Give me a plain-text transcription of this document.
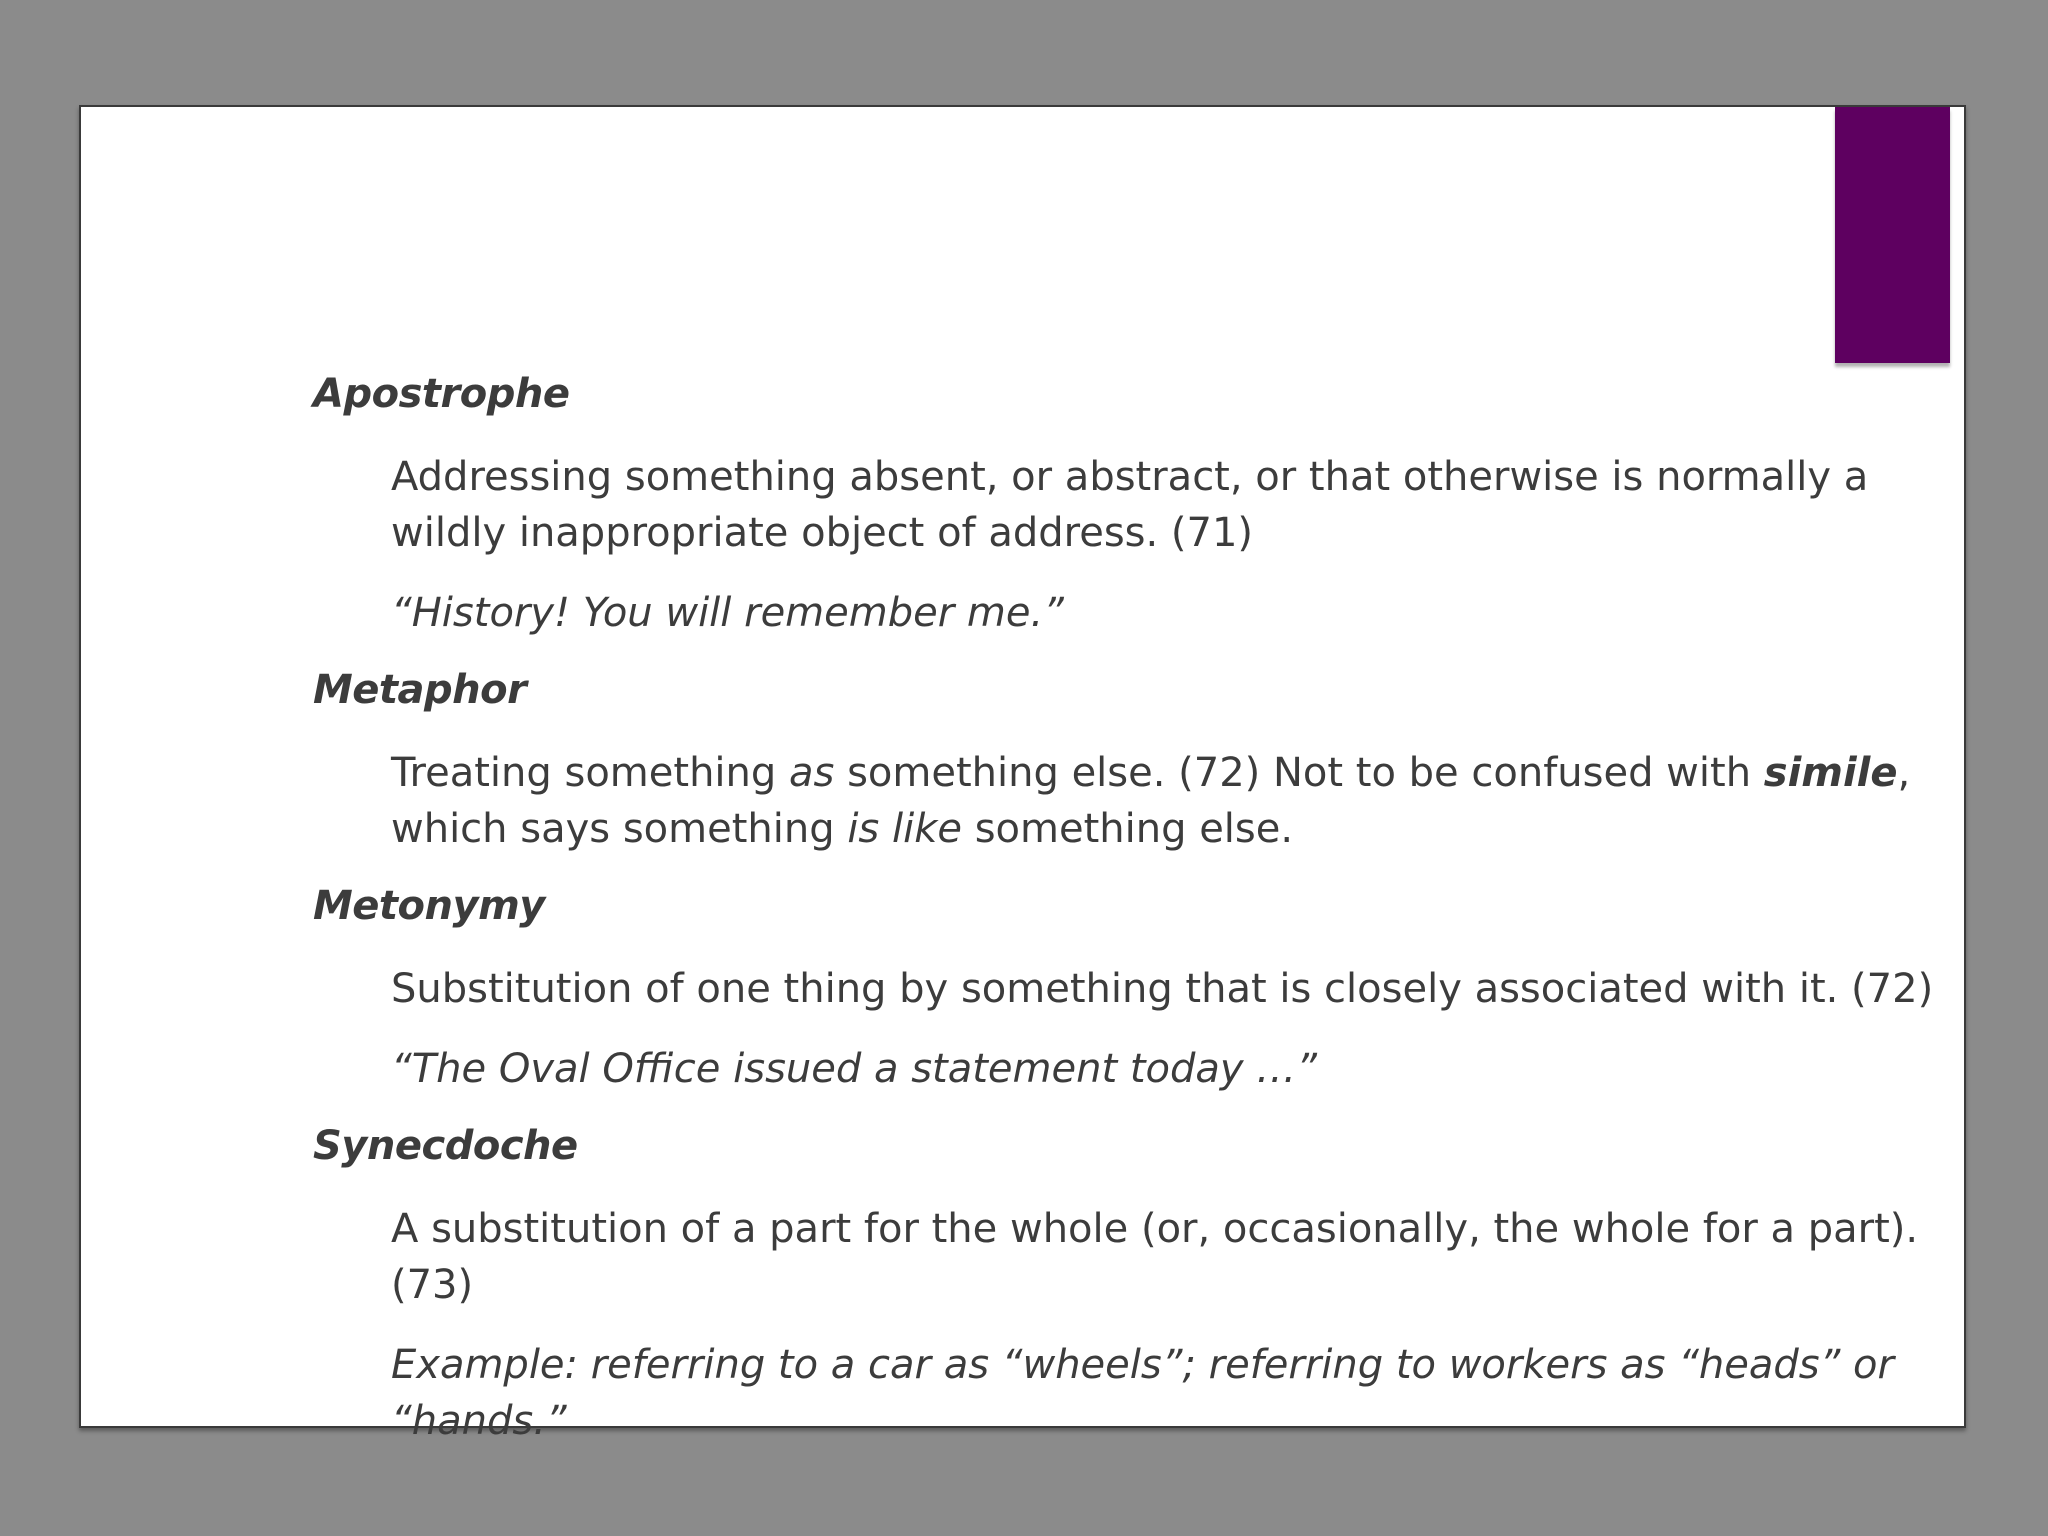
Apostrophe
Addressing something absent, or abstract, or that otherwise is normally a wildly inappropriate object of address. (71)
“History! You will remember me.”
Metaphor
Treating something as something else. (72) Not to be confused with simile, which says something is like something else.
Metonymy
Substitution of one thing by something that is closely associated with it. (72)
“The Oval Office issued a statement today …”
Synecdoche
A substitution of a part for the whole (or, occasionally, the whole for a part). (73)
Example: referring to a car as “wheels”; referring to workers as “heads” or “hands.”
